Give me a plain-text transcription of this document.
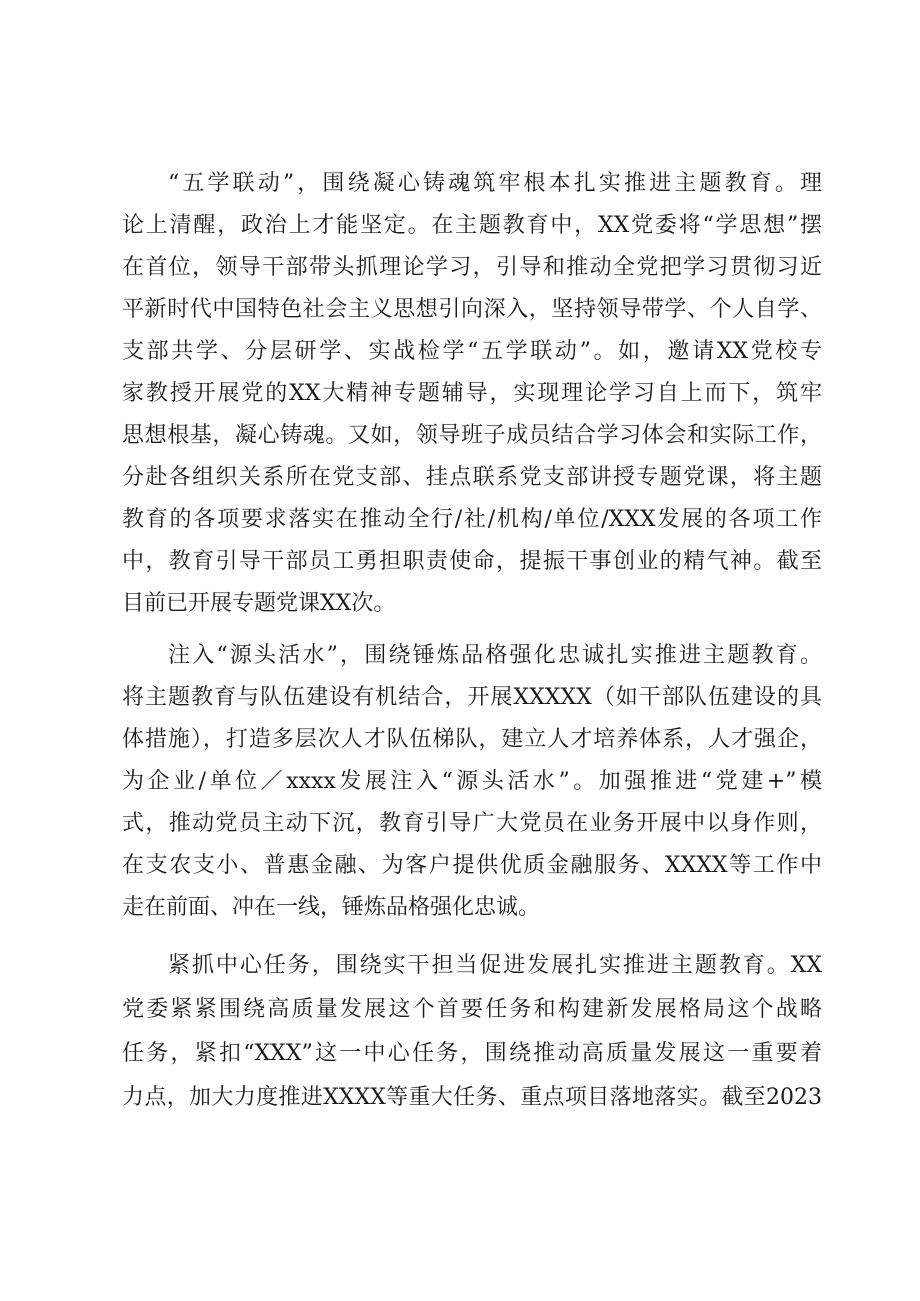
“五学联动”，围绕凝心铸魂筑牢根本扎实推进主题教育。理
论上清醒，政治上才能坚定。在主题教育中，XX党委将“学思想”摆
在首位，领导干部带头抓理论学习，引导和推动全党把学习贯彻习近
平新时代中国特色社会主义思想引向深入，坚持领导带学、个人自学、
支部共学、分层研学、实战检学“五学联动”。如，邀请XX党校专
家教授开展党的XX大精神专题辅导，实现理论学习自上而下，筑牢
思想根基，凝心铸魂。又如，领导班子成员结合学习体会和实际工作，
分赴各组织关系所在党支部、挂点联系党支部讲授专题党课，将主题
教育的各项要求落实在推动全行/社/机构/单位/XXX发展的各项工作
中，教育引导干部员工勇担职责使命，提振干事创业的精气神。截至
目前已开展专题党课XX次。
注入“源头活水”，围绕锤炼品格强化忠诚扎实推进主题教育。
将主题教育与队伍建设有机结合，开展XXXXX（如干部队伍建设的具
体措施），打造多层次人才队伍梯队，建立人才培养体系，人才强企，
为企业/单位／xxxx发展注入“源头活水”。加强推进“党建+”模
式，推动党员主动下沉，教育引导广大党员在业务开展中以身作则，
在支农支小、普惠金融、为客户提供优质金融服务、XXXX等工作中
走在前面、冲在一线，锤炼品格强化忠诚。
紧抓中心任务，围绕实干担当促进发展扎实推进主题教育。XX
党委紧紧围绕高质量发展这个首要任务和构建新发展格局这个战略
任务，紧扣“XXX”这一中心任务，围绕推动高质量发展这一重要着
力点，加大力度推进XXXX等重大任务、重点项目落地落实。截至2023
